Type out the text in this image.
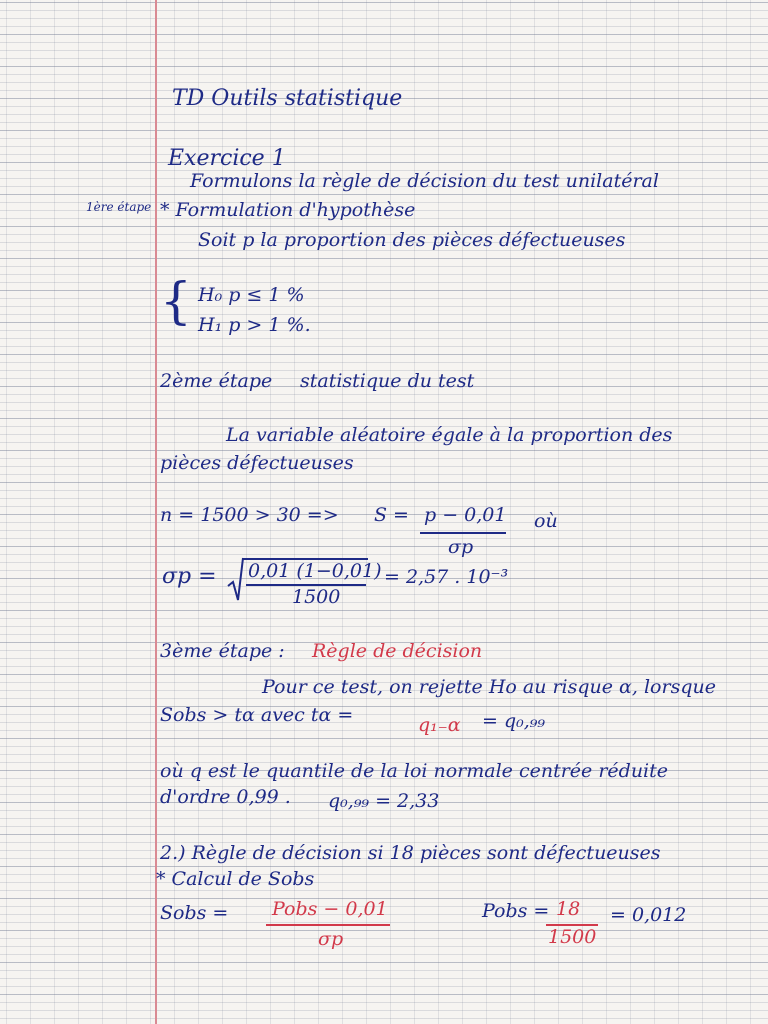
TD Outils statistique
Exercice 1
Formulons la règle de décision du test unilatéral
1ère étape * Formulation d'hypothèse
Soit p la proportion des pièces défectueuses
{ H₀ p ≤ 1 %
H₁ p > 1 %.
2ème étape statistique du test
La variable aléatoire égale à la proportion des
pièces défectueuses
n = 1500 > 30 => S = p − 0,01
σp
où
σp = 0,01 (1−0,01)
1500
= 2,57 . 10⁻³
3ème étape : Règle de décision
Pour ce test, on rejette Ho au risque α, lorsque
Sobs > tα avec tα =	q₁₋α = q₀,₉₉
où q est le quantile de la loi normale centrée réduite
d'ordre 0,99 . q₀,₉₉ = 2,33
2.) Règle de décision si 18 pièces sont défectueuses
* Calcul de Sobs
Sobs = Pobs − 0,01
σp
Pobs = 18
1500
= 0,012
